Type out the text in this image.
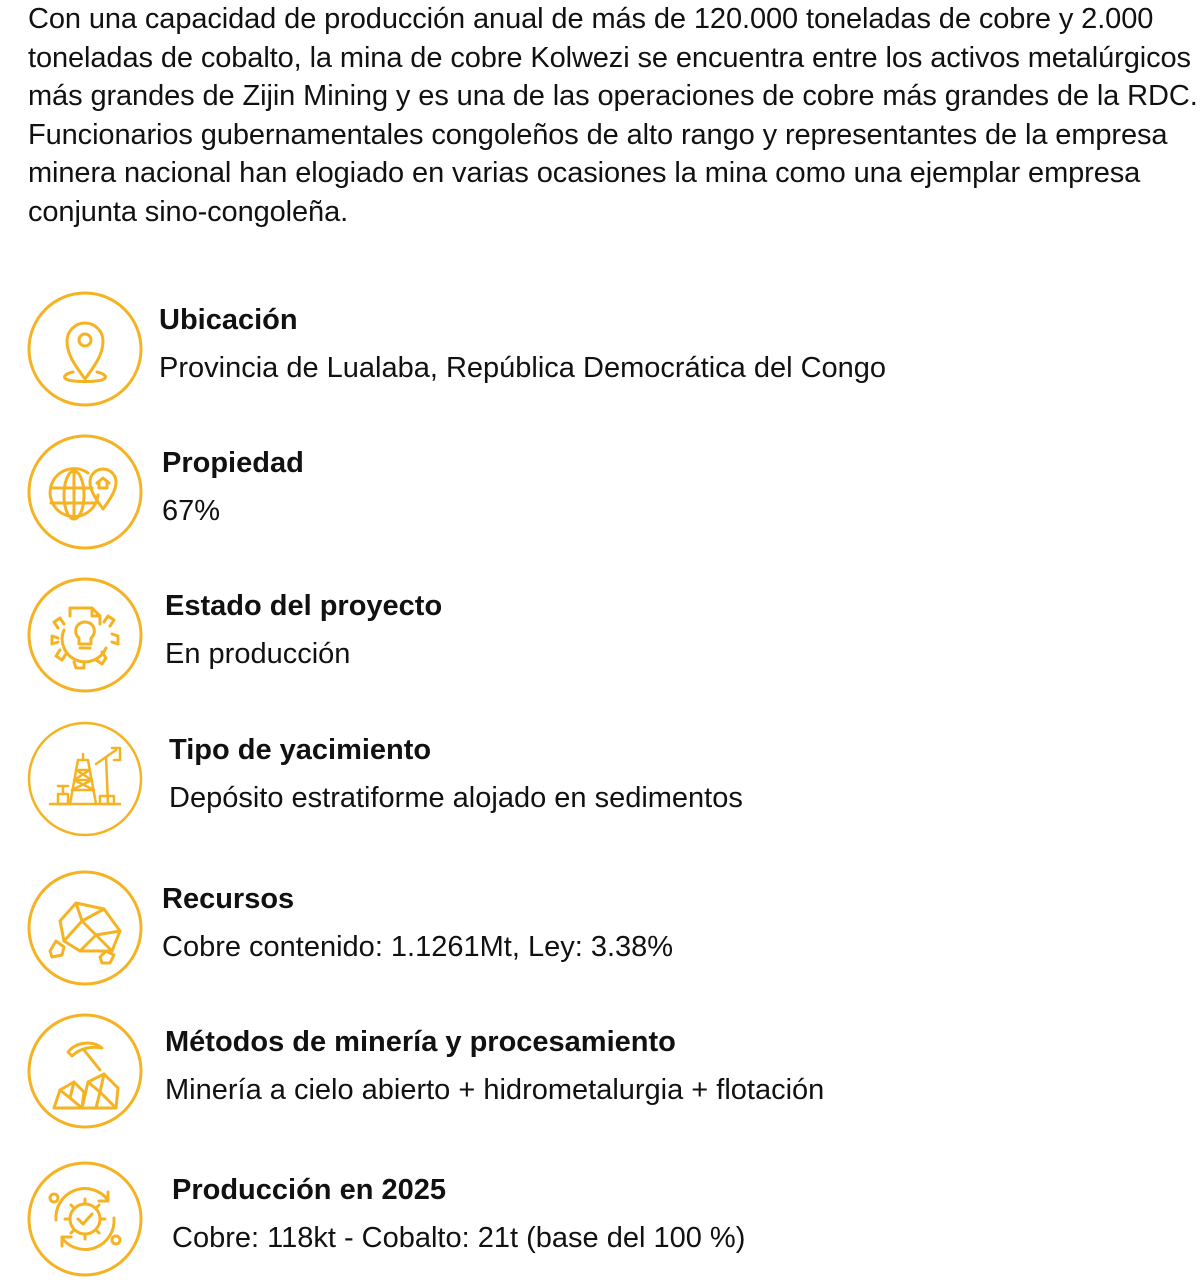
Con una capacidad de producción anual de más de 120.000 toneladas de cobre y 2.000 toneladas de cobalto, la mina de cobre Kolwezi se encuentra entre los activos metalúrgicos más grandes de Zijin Mining y es una de las operaciones de cobre más grandes de la RDC. Funcionarios gubernamentales congoleños de alto rango y representantes de la empresa minera nacional han elogiado en varias ocasiones la mina como una ejemplar empresa conjunta sino-congoleña.

Ubicación
Provincia de Lualaba, República Democrática del Congo
Propiedad
67%
Estado del proyecto
En producción
Tipo de yacimiento
Depósito estratiforme alojado en sedimentos
Recursos
Cobre contenido: 1.1261Mt, Ley: 3.38%
Métodos de minería y procesamiento
Minería a cielo abierto + hidrometalurgia + flotación
Producción en 2025
Cobre: 118kt - Cobalto: 21t (base del 100 %)
